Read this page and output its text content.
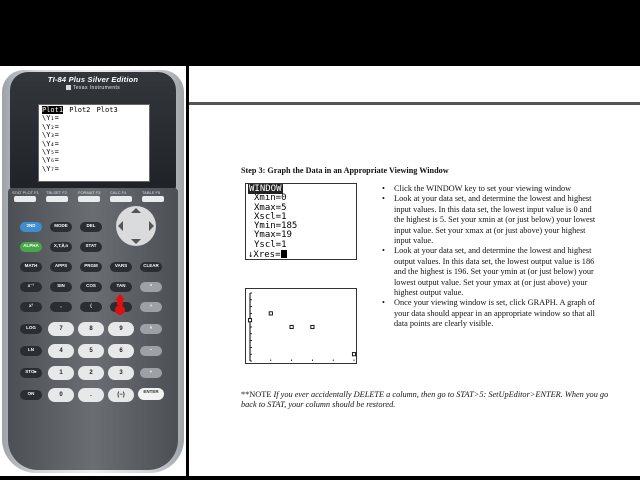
TI-84 Plus Silver Edition
Texas Instruments
Plot1 Plot2 Plot3
\Y₁=
\Y₂=
\Y₃=
\Y₄=
\Y₅=
\Y₆=
\Y₇=
STAT PLOT F1 TBLSET F2	FORMAT F3 CALC F4	TABLE F5
2ND	MODE	DEL
ALPHA	X,T,θ,n	STAT
MATH	APPS	PRGM	VARS	CLEAR
x⁻¹	SIN	COS	TAN	^
x²	,	(	÷
LOG	7	8	9	×
LN	4	5	6	−
STO▸	1	2	3	+
ON	0	.	(−)
ENTER
Step 3: Graph the Data in an Appropriate Viewing Window
WINDOW
Xmin=0
Xmax=5
Xscl=1
Ymin=185
Ymax=19
Yscl=1
↓Xres=
• Click the WINDOW key to set your viewing window
• Look at your data set, and determine the lowest and highest input values. In this data set, the lowest input value is 0 and the highest is 5. Set your xmin at (or just below) your lowest input value. Set your xmax at (or just above) your highest input value.
• Look at your data set, and determine the lowest and highest output values. In this data set, the lowest output value is 186 and the highest is 196. Set your ymin at (or just below) your lowest output value. Set your ymax at (or just above) your highest output value.
• Once your viewing window is set, click GRAPH. A graph of your data should appear in an appropriate window so that all data points are clearly visible.
**NOTE If you ever accidentally DELETE a column, then go to STAT>5: SetUpEditor>ENTER. When you go back to STAT, your column should be restored.
